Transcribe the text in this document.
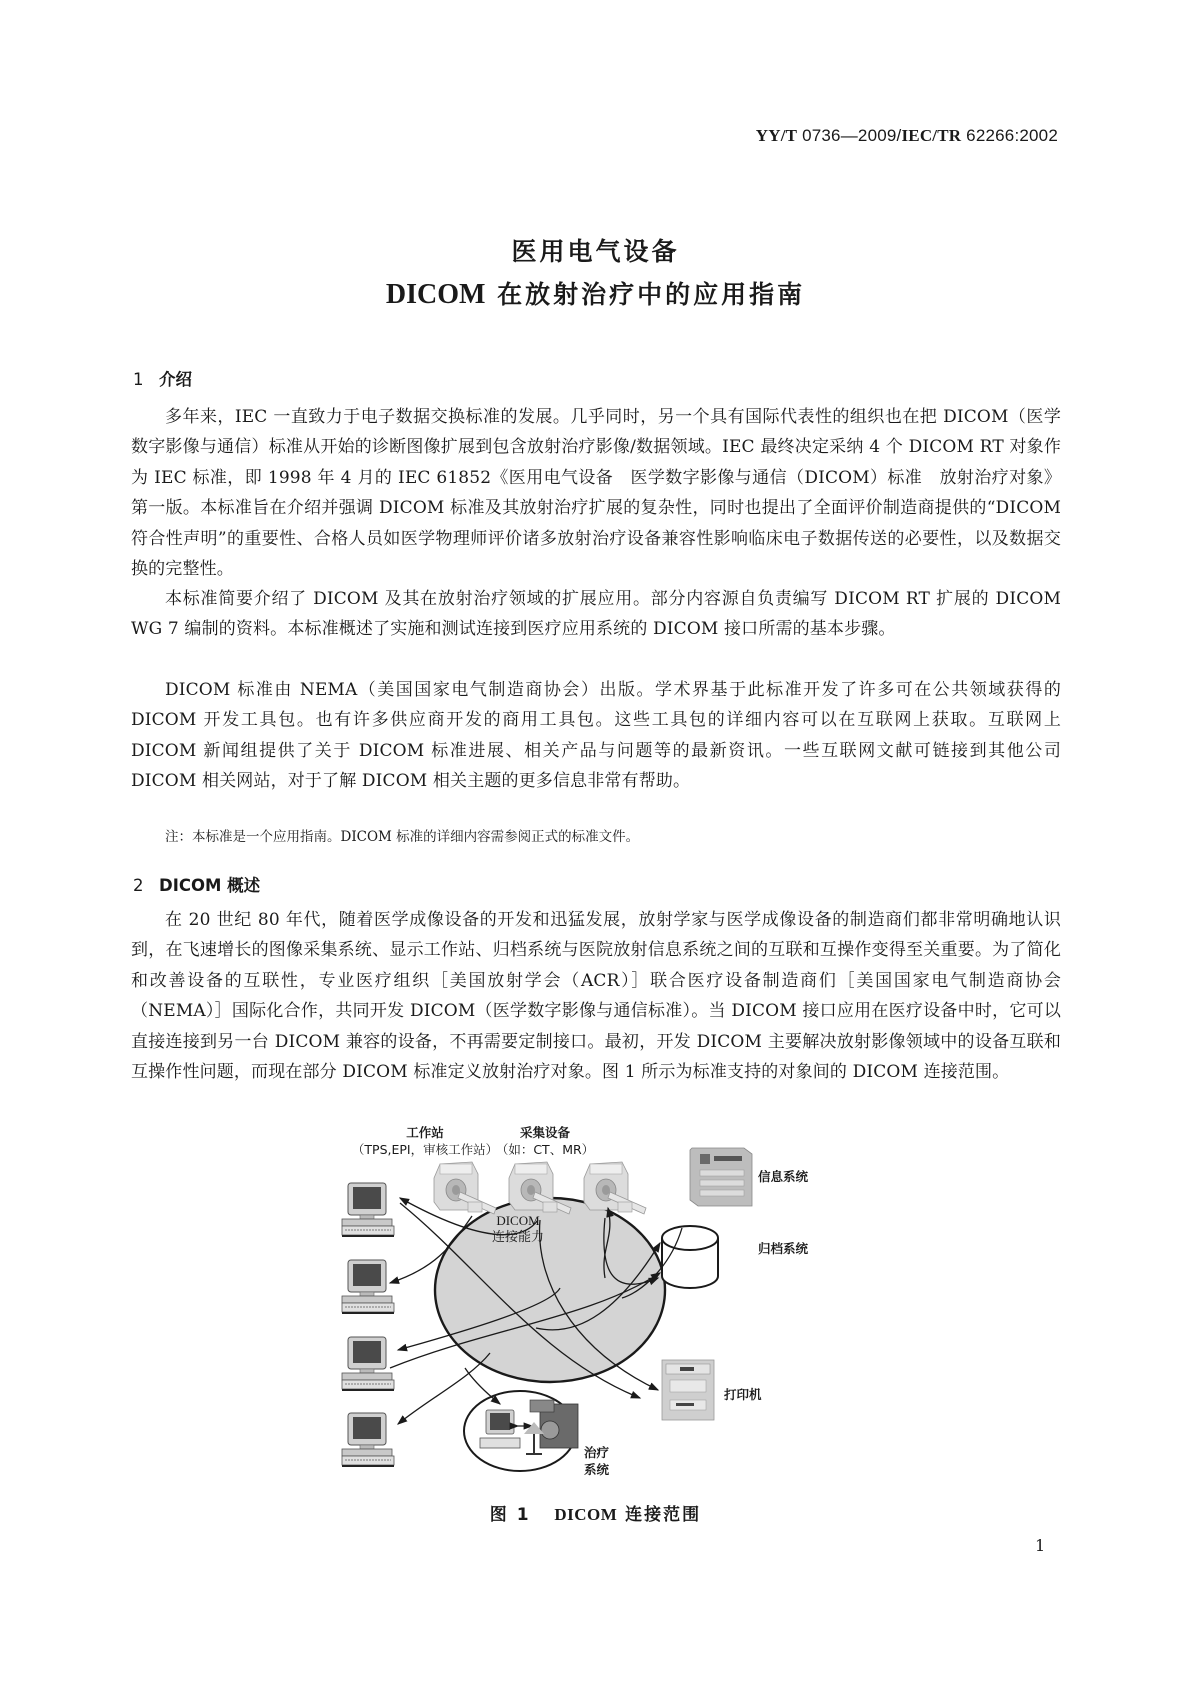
YY/T 0736—2009/IEC/TR 62266:2002
医用电气设备
DICOM 在放射治疗中的应用指南
1 介绍
多年来，IEC 一直致力于电子数据交换标准的发展。几乎同时，另一个具有国际代表性的组织也在把 DICOM（医学数字影像与通信）标准从开始的诊断图像扩展到包含放射治疗影像/数据领域。IEC 最终决定采纳 4 个 DICOM RT 对象作为 IEC 标准，即 1998 年 4 月的 IEC 61852《医用电气设备　医学数字影像与通信（DICOM）标准　放射治疗对象》第一版。本标准旨在介绍并强调 DICOM 标准及其放射治疗扩展的复杂性，同时也提出了全面评价制造商提供的“DICOM 符合性声明”的重要性、合格人员如医学物理师评价诸多放射治疗设备兼容性影响临床电子数据传送的必要性，以及数据交换的完整性。
本标准简要介绍了 DICOM 及其在放射治疗领域的扩展应用。部分内容源自负责编写 DICOM RT 扩展的 DICOM WG 7 编制的资料。本标准概述了实施和测试连接到医疗应用系统的 DICOM 接口所需的基本步骤。
DICOM 标准由 NEMA（美国国家电气制造商协会）出版。学术界基于此标准开发了许多可在公共领域获得的 DICOM 开发工具包。也有许多供应商开发的商用工具包。这些工具包的详细内容可以在互联网上获取。互联网上 DICOM 新闻组提供了关于 DICOM 标准进展、相关产品与问题等的最新资讯。一些互联网文献可链接到其他公司 DICOM 相关网站，对于了解 DICOM 相关主题的更多信息非常有帮助。
注：本标准是一个应用指南。DICOM 标准的详细内容需参阅正式的标准文件。
2 DICOM 概述
在 20 世纪 80 年代，随着医学成像设备的开发和迅猛发展，放射学家与医学成像设备的制造商们都非常明确地认识到，在飞速增长的图像采集系统、显示工作站、归档系统与医院放射信息系统之间的互联和互操作变得至关重要。为了简化和改善设备的互联性，专业医疗组织［美国放射学会（ACR）］联合医疗设备制造商们［美国国家电气制造商协会（NEMA）］国际化合作，共同开发 DICOM（医学数字影像与通信标准）。当 DICOM 接口应用在医疗设备中时，它可以直接连接到另一台 DICOM 兼容的设备，不再需要定制接口。最初，开发 DICOM 主要解决放射影像领域中的设备互联和互操作性问题，而现在部分 DICOM 标准定义放射治疗对象。图 1 所示为标准支持的对象间的 DICOM 连接范围。
工作站
（TPS,EPI，审核工作站）
采集设备
（如：CT、MR）
DICOM
连接能力
信息系统
归档系统
打印机
治疗
系统
图 1 DICOM 连接范围
1
